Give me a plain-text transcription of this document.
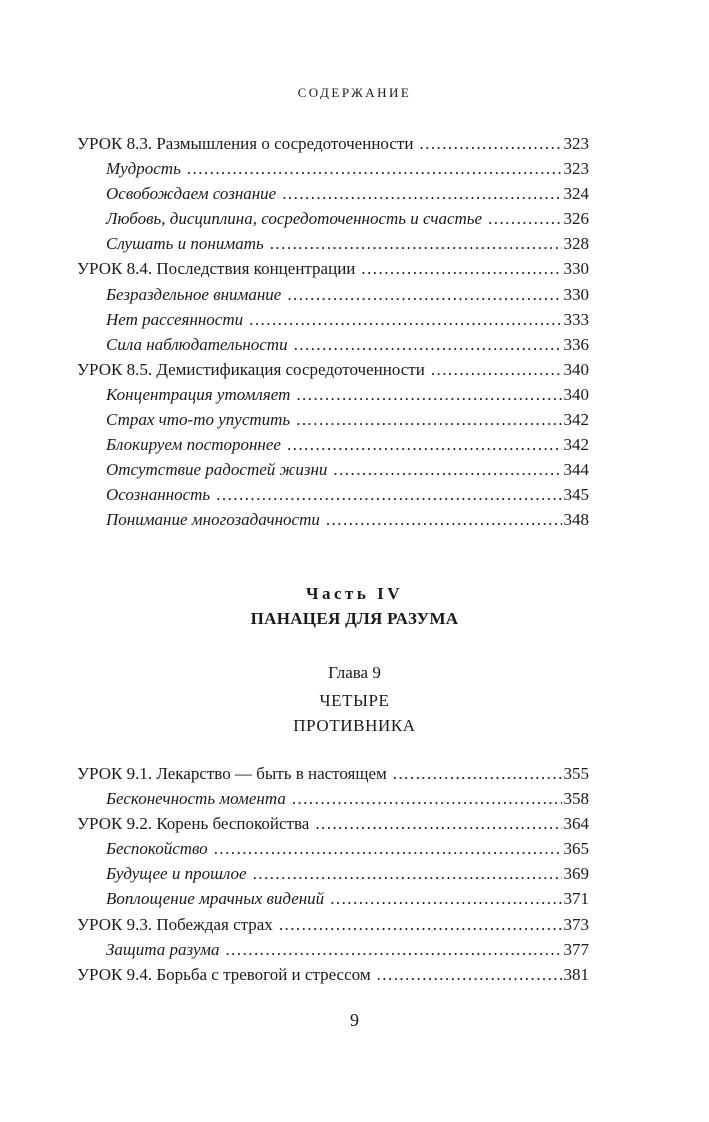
СОДЕРЖАНИЕ
УРОК 8.3. Размышления о сосредоточенности . . .	323
Мудрость . . .	323
Освобождаем сознание . . .	324
Любовь, дисциплина, сосредоточенность и счастье . . .	326
Слушать и понимать . . .	328
УРОК 8.4. Последствия концентрации . . .	330
Безраздельное внимание . . .	330
Нет рассеянности . . .	333
Сила наблюдательности . . .	336
УРОК 8.5. Демистификация сосредоточенности . . .	340
Концентрация утомляет . . .	340
Страх что-то упустить . . .	342
Блокируем постороннее . . .	342
Отсутствие радостей жизни . . .	344
Осознанность . . .	345
Понимание многозадачности . . .	348
Часть IV
ПАНАЦЕЯ ДЛЯ РАЗУМА
Глава 9
ЧЕТЫРЕ
ПРОТИВНИКА
УРОК 9.1. Лекарство — быть в настоящем . . .	355
Бесконечность момента . . .	358
УРОК 9.2. Корень беспокойства . . .	364
Беспокойство . . .	365
Будущее и прошлое . . .	369
Воплощение мрачных видений . . .	371
УРОК 9.3. Побеждая страх . . .	373
Защита разума . . .	377
УРОК 9.4. Борьба с тревогой и стрессом . . .	381
9
